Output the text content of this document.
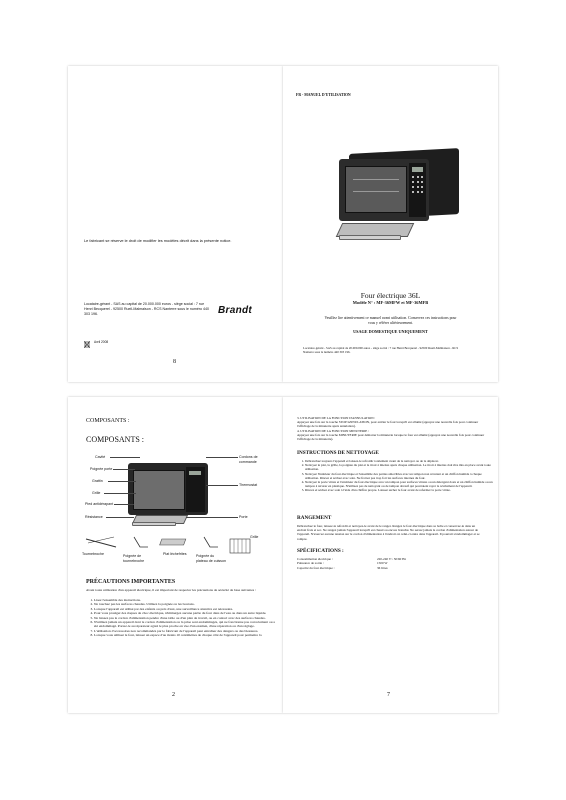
Le fabricant se réserve le droit de modifier les modèles décrit dans la présente notice.
Locataire-gérant - SAS au capital de 20.000.000 euros - siège social : 7 rue Henri Becquerel - 92500 Rueil-Malmaison - RCS Nanterre sous le numéro 440 303 196.	Brandt
Avril 2008
8
FR - MANUEL D'UTILISATION
Four électrique 36L
Modèle N° : MF-36MFW et MF-36MFB
Veuillez lire attentivement ce manuel avant utilisation. Conservez ces instructions pour vous y référer ultérieurement.
USAGE DOMESTIQUE UNIQUEMENT
Locataire-gérant - SAS au capital de 20.000.000 euros - siège social : 7 rue Henri Becquerel - 92500 Rueil-Malmaison - RCS Nanterre sous le numéro 440 303 196.
COMPOSANTS :
COMPOSANTS :
Cavité
Poignée porte
Grattin
Grille
Pied antidérapant
Résistance
Cordons de commande
Thermostat
Porte
Tournebroche	Poignée de tournebroche
Plat lèchefrites	Poignée du plateau de cuisson
Grille
PRÉCAUTIONS IMPORTANTES
Avant toute utilisation d'un appareil électrique, il est important de respecter les précautions de sécurité de base suivantes :
1. Lisez l'ensemble des instructions.
2. Ne touchez pas les surfaces chaudes. Utilisez la poignée ou les boutons.
3. Lorsque l'appareil est utilisé par des enfants ou près d'eux, une surveillance attentive est nécessaire.
4. Pour vous protéger des risques de choc électrique, n'immergez aucune partie du four dans de l'eau ou dans un autre liquide.
5. Ne laissez pas le cordon d'alimentation pendre d'une table ou d'un plan de travail, ou en contact avec des surfaces chaudes.
6. N'utilisez jamais un appareil dont le cordon d'alimentation ou la prise sont endommagés, qui ne fonctionne pas correctement ou a été endommagé. Portez-le au réparateur agréé le plus proche en vue d'un examen, d'une réparation ou d'un réglage.
7. L'utilisation d'accessoires non recommandés par le fabricant de l'appareil peut entraîner des dangers ou des blessures.
8. Lorsque vous utilisez le four, laissez un espace d'au moins 10 centimètres de chaque côté de l'appareil pour permettre la
2
3. UTILISATION DE LA FONCTION D'ANNULATION :
Appuyez une fois sur la touche STOP/ANNULATION, pour arrêter le four lorsqu'il est allumé (appuyez une nouvelle fois pour continuer l'affichage de la minuterie après annulation).
4. UTILISATION DE LA FONCTION MINUTERIE :
Appuyez une fois sur la touche MINUTERIE pour démarrer la minuterie lorsque le four est allumé (appuyez une nouvelle fois pour continuer l'affichage de la minuterie).
INSTRUCTIONS DE NETTOYAGE
1. Débranchez toujours l'appareil et laissez-le refroidir totalement avant de le nettoyer ou de le déplacer.
2. Nettoyez le plat, la grille, la poignée du plat et le tiroir à miettes après chaque utilisation. Le tiroir à miettes doit être mis en place avant toute utilisation.
3. Nettoyez l'intérieur du four électrique et l'ensemble des parties amovibles avec un tampon non récurant et un chiffon humide à chaque utilisation. Rincez et séchez avec soin. Ne frottez pas trop fort les surfaces internes du four.
4. Nettoyez la porte vitrée et l'extérieur du four électrique avec un tampon pour surfaces vitrées ou un détergent doux et un chiffon humide ou un tampon à récurer en plastique. N'utilisez pas de nettoyant ou de tampon abrasif qui pourraient rayer le revêtement de l'appareil.
5. Rincez et séchez avec soin à l'aide d'un chiffon propre. Laissez sécher le four avant de refermer la porte vitrée.
RANGEMENT
Débranchez le four, laissez-le refroidir et nettoyez-le avant de le ranger. Rangez le four électrique dans sa boîte et conservez-le dans un endroit frais et sec. Ne rangez jamais l'appareil lorsqu'il est chaud ou encore branché. Ne serrez jamais le cordon d'alimentation autour de l'appareil. N'exercez aucune tension sur le cordon d'alimentation à l'endroit où celui-ci entre dans l'appareil. Il pourrait s'endommager et se rompre.
SPÉCIFICATIONS :
Consommation électrique :	220-240 V~ 50/60 Hz
Puissance de sortie :	1500 W
Capacité du four électrique :	36 litres
7
